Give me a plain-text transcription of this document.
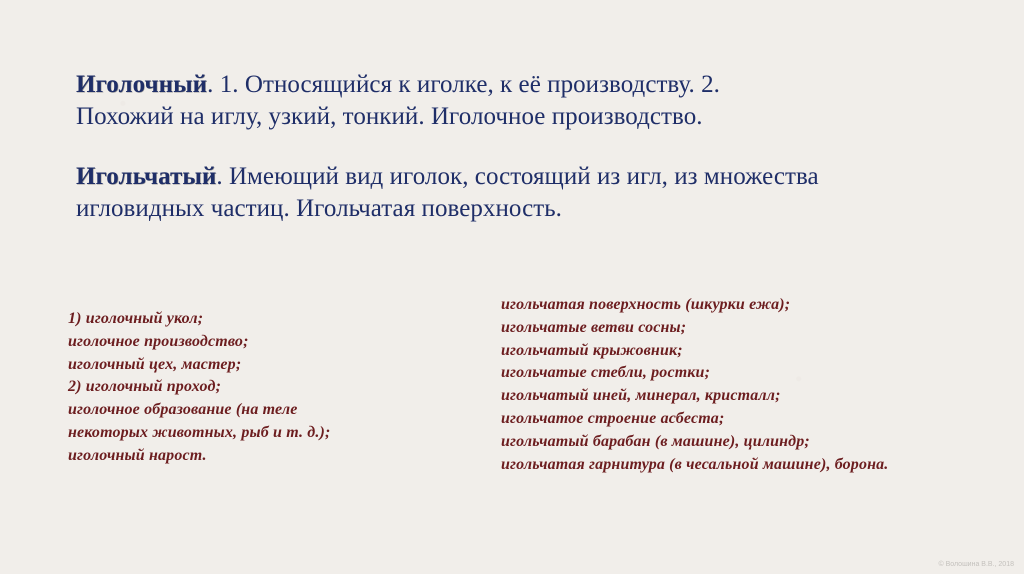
Иголочный. 1. Относящийся к иголке, к её производству. 2.
Похожий на иглу, узкий, тонкий. Иголочное производство.

Игольчатый. Имеющий вид иголок, состоящий из игл, из множества
игловидных частиц. Игольчатая поверхность.

1) иголочный укол;
иголочное производство;
иголочный цех, мастер;
2) иголочный проход;
иголочное образование (на теле
некоторых животных, рыб и т. д.);
иголочный нарост.
игольчатая поверхность (шкурки ежа);
игольчатые ветви сосны;
игольчатый крыжовник;
игольчатые стебли, ростки;
игольчатый иней, минерал, кристалл;
игольчатое строение асбеста;
игольчатый барабан (в машине), цилиндр;
игольчатая гарнитура (в чесальной машине), борона.
© Волошина В.В., 2018
